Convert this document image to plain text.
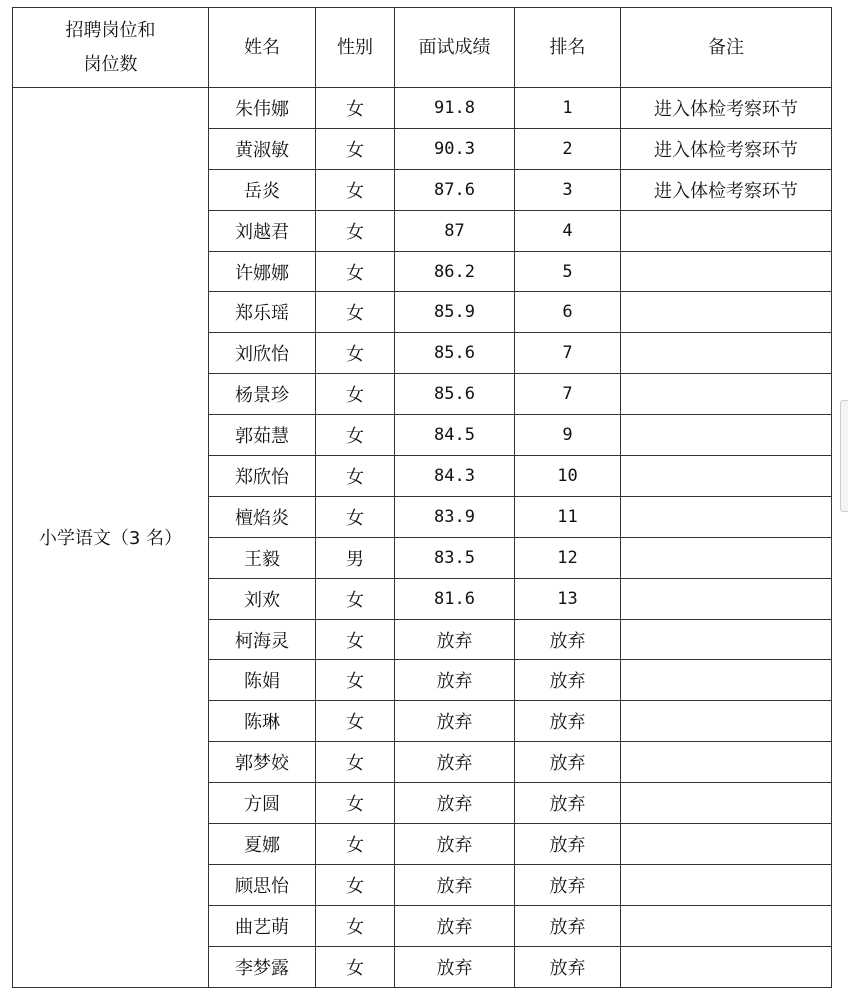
招聘岗位和
岗位数	姓名	性别	面试成绩	排名	备注
小学语文（3 名）	朱伟娜	女	91.8	1	进入体检考察环节
	黄淑敏	女	90.3	2	进入体检考察环节
	岳炎	女	87.6	3	进入体检考察环节
	刘越君	女	87	4	
	许娜娜	女	86.2	5	
	郑乐瑶	女	85.9	6	
	刘欣怡	女	85.6	7	
	杨景珍	女	85.6	7	
	郭茹慧	女	84.5	9	
	郑欣怡	女	84.3	10	
	檀焰炎	女	83.9	11	
	王毅	男	83.5	12	
	刘欢	女	81.6	13	
	柯海灵	女	放弃	放弃	
	陈娟	女	放弃	放弃	
	陈琳	女	放弃	放弃	
	郭梦姣	女	放弃	放弃	
	方圆	女	放弃	放弃	
	夏娜	女	放弃	放弃	
	顾思怡	女	放弃	放弃	
	曲艺萌	女	放弃	放弃	
	李梦露	女	放弃	放弃	
